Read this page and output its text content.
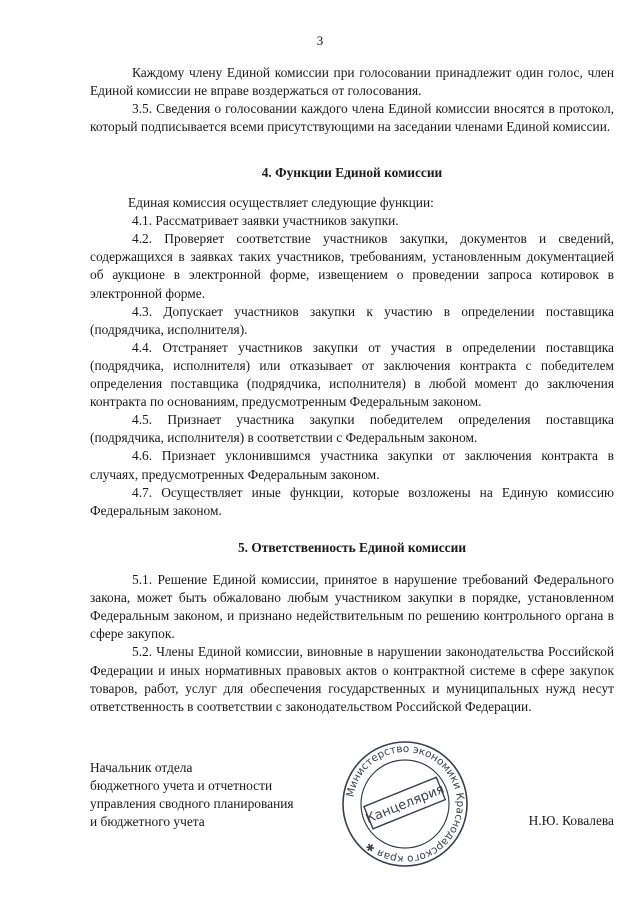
3

Каждому члену Единой комиссии при голосовании принадлежит один голос, член Единой комиссии не вправе воздержаться от голосования.

3.5. Сведения о голосовании каждого члена Единой комиссии вносятся в протокол, который подписывается всеми присутствующими на заседании членами Единой комиссии.

4. Функции Единой комиссии

Единая комиссия осуществляет следующие функции:

4.1. Рассматривает заявки участников закупки.

4.2. Проверяет соответствие участников закупки, документов и сведений, содержащихся в заявках таких участников, требованиям, установленным документацией об аукционе в электронной форме, извещением о проведении запроса котировок в электронной форме.

4.3. Допускает участников закупки к участию в определении поставщика (подрядчика, исполнителя).

4.4. Отстраняет участников закупки от участия в определении поставщика (подрядчика, исполнителя) или отказывает от заключения контракта с победителем определения поставщика (подрядчика, исполнителя) в любой момент до заключения контракта по основаниям, предусмотренным Федеральным законом.

4.5. Признает участника закупки победителем определения поставщика (подрядчика, исполнителя) в соответствии с Федеральным законом.

4.6. Признает уклонившимся участника закупки от заключения контракта в случаях, предусмотренных Федеральным законом.

4.7. Осуществляет иные функции, которые возложены на Единую комиссию Федеральным законом.

5. Ответственность Единой комиссии

5.1. Решение Единой комиссии, принятое в нарушение требований Федерального закона, может быть обжаловано любым участником закупки в порядке, установленном Федеральным законом, и признано недействительным по решению контрольного органа в сфере закупок.

5.2. Члены Единой комиссии, виновные в нарушении законодательства Российской Федерации и иных нормативных правовых актов о контрактной системе в сфере закупок товаров, работ, услуг для обеспечения государственных и муниципальных нужд несут ответственность в соответствии с законодательством Российской Федерации.

Начальник отдела
бюджетного учета и отчетности
управления сводного планирования
и бюджетного учета	Н.Ю. Ковалева
Министерство экономики Краснодарского края ✱
Канцелярия
